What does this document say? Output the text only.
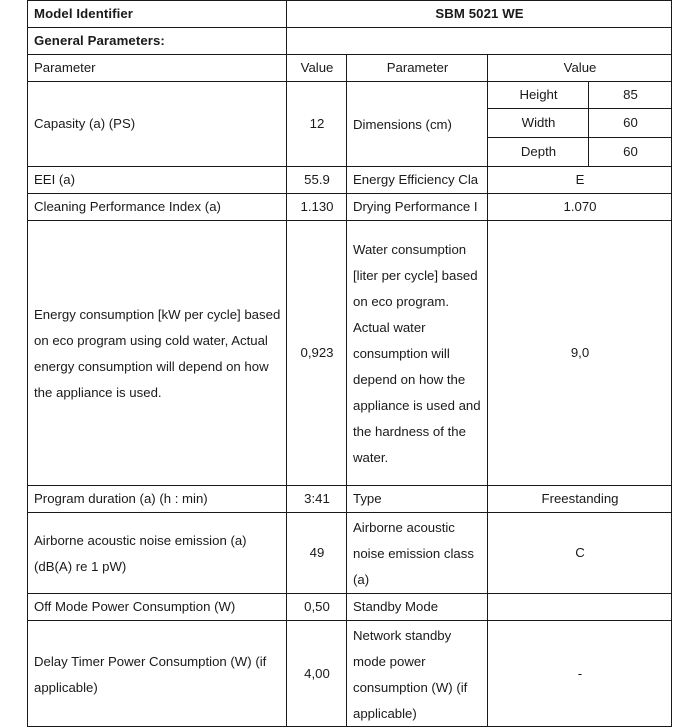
Model Identifier	SBM 5021 WE			

General Parameters:				

Parameter	Value	Parameter	Value	

Capasity (a) (PS)	12	Dimensions (cm)	Height	85

			Width	60

			Depth	60

EEI (a)	55.9	Energy Efficiency Cla	E	

Cleaning Performance Index (a)	1.130	Drying Performance I	1.070	

Energy consumption [kW per cycle] based on eco program using cold water, Actual energy consumption will depend on how the appliance is used.	0,923	Water consumption [liter per cycle] based on eco program. Actual water consumption will depend on how the appliance is used and the hardness of the water.	9,0	

Program duration (a) (h : min)	3:41	Type	Freestanding	

Airborne acoustic noise emission (a) (dB(A) re 1 pW)	49	Airborne acoustic noise emission class (a)	C	

Off Mode Power Consumption (W)	0,50	Standby Mode		

Delay Timer Power Consumption (W) (if applicable)	4,00	Network standby mode power consumption (W) (if applicable)	-	
